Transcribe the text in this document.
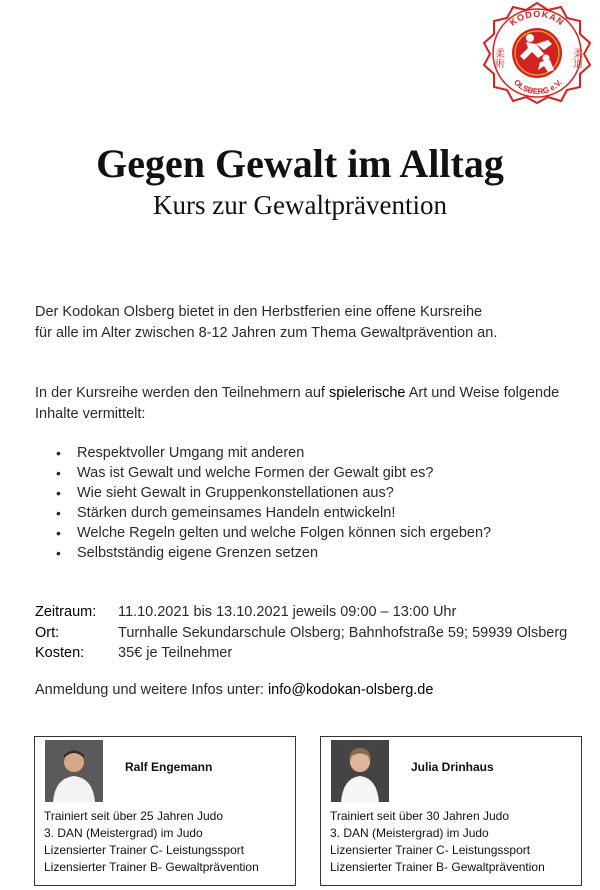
KODOKAN
OLSBERG e.V.
柔術	柔道
Gegen Gewalt im Alltag
Kurs zur Gewaltprävention
Der Kodokan Olsberg bietet in den Herbstferien eine offene Kursreihe
für alle im Alter zwischen 8-12 Jahren zum Thema Gewaltprävention an.
In der Kursreihe werden den Teilnehmern auf spielerische Art und Weise folgende Inhalte vermittelt:
• Respektvoller Umgang mit anderen
• Was ist Gewalt und welche Formen der Gewalt gibt es?
• Wie sieht Gewalt in Gruppenkonstellationen aus?
• Stärken durch gemeinsames Handeln entwickeln!
• Welche Regeln gelten und welche Folgen können sich ergeben?
• Selbstständig eigene Grenzen setzen
Zeitraum:	11.10.2021 bis 13.10.2021 jeweils 09:00 – 13:00 Uhr
Ort:	Turnhalle Sekundarschule Olsberg; Bahnhofstraße 59; 59939 Olsberg
Kosten:	35€ je Teilnehmer
Anmeldung und weitere Infos unter: info@kodokan-olsberg.de
Ralf Engemann
Trainiert seit über 25 Jahren Judo
3. DAN (Meistergrad) im Judo
Lizensierter Trainer C- Leistungssport
Lizensierter Trainer B- Gewaltprävention
Julia Drinhaus
Trainiert seit über 30 Jahren Judo
3. DAN (Meistergrad) im Judo
Lizensierter Trainer C- Leistungssport
Lizensierter Trainer B- Gewaltprävention
